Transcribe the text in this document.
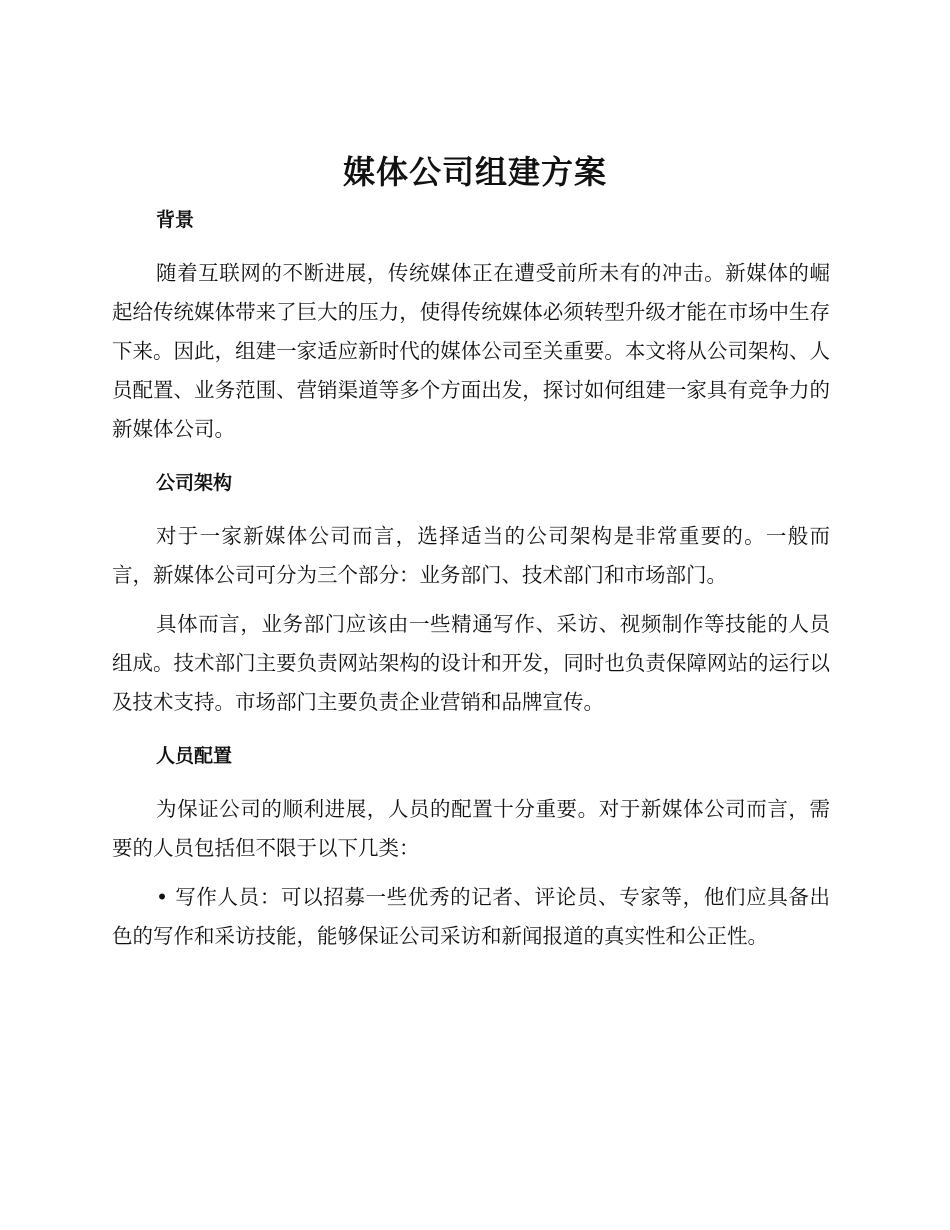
媒体公司组建方案
背景

随着互联网的不断进展，传统媒体正在遭受前所未有的冲击。新媒体的崛起给传统媒体带来了巨大的压力，使得传统媒体必须转型升级才能在市场中生存下来。因此，组建一家适应新时代的媒体公司至关重要。本文将从公司架构、人员配置、业务范围、营销渠道等多个方面出发，探讨如何组建一家具有竞争力的新媒体公司。

公司架构

对于一家新媒体公司而言，选择适当的公司架构是非常重要的。一般而言，新媒体公司可分为三个部分：业务部门、技术部门和市场部门。

具体而言，业务部门应该由一些精通写作、采访、视频制作等技能的人员组成。技术部门主要负责网站架构的设计和开发，同时也负责保障网站的运行以及技术支持。市场部门主要负责企业营销和品牌宣传。

人员配置

为保证公司的顺利进展，人员的配置十分重要。对于新媒体公司而言，需要的人员包括但不限于以下几类：

• 写作人员：可以招募一些优秀的记者、评论员、专家等，他们应具备出色的写作和采访技能，能够保证公司采访和新闻报道的真实性和公正性。
